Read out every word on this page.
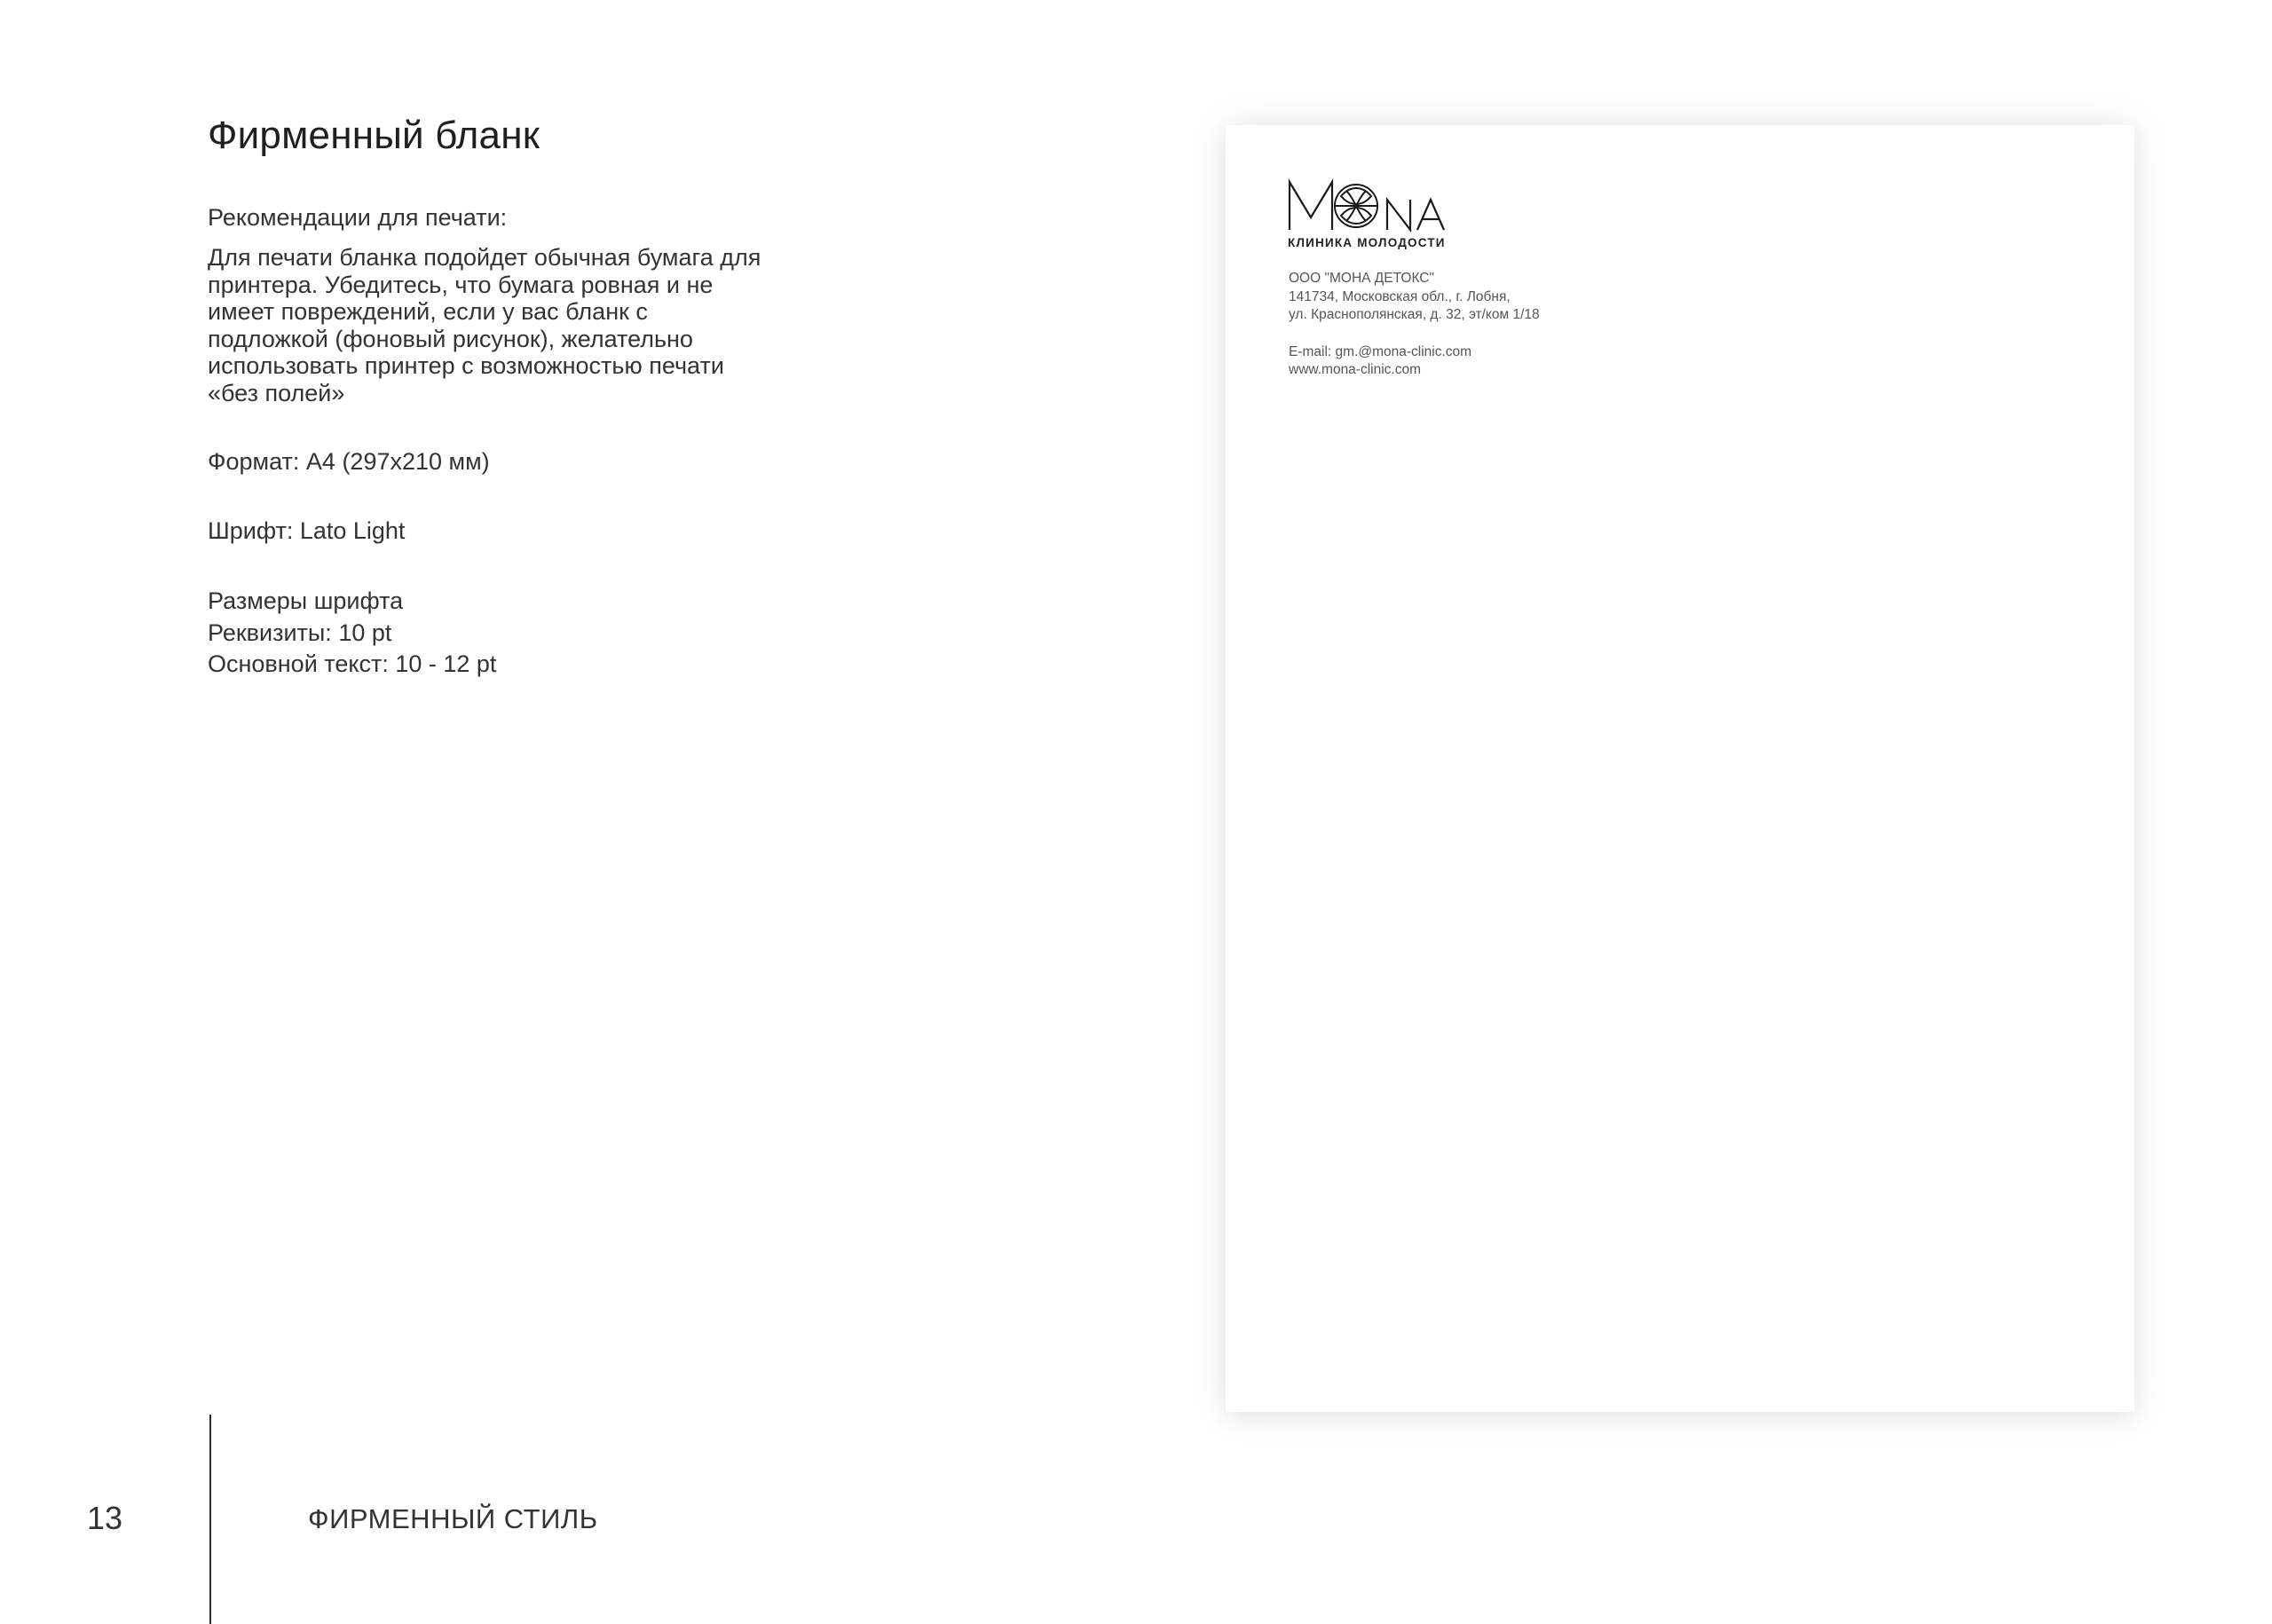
Фирменный бланк
Рекомендации для печати:
Для печати бланка подойдет обычная бумага для
принтера. Убедитесь, что бумага ровная и не
имеет повреждений, если у вас бланк с
подложкой (фоновый рисунок), желательно
использовать принтер с возможностью печати
«без полей»
Формат: А4 (297х210 мм)
Шрифт: Lato Light
Размеры шрифта
Реквизиты: 10 pt
Основной текст: 10 - 12 pt
КЛИНИКА МОЛОДОСТИ
ООО "МОНА ДЕТОКС"
141734, Московская обл., г. Лобня,
ул. Краснополянская, д. 32, эт/ком 1/18
E-mail: gm.@mona-clinic.com
www.mona-clinic.com
13	ФИРМЕННЫЙ СТИЛЬ
